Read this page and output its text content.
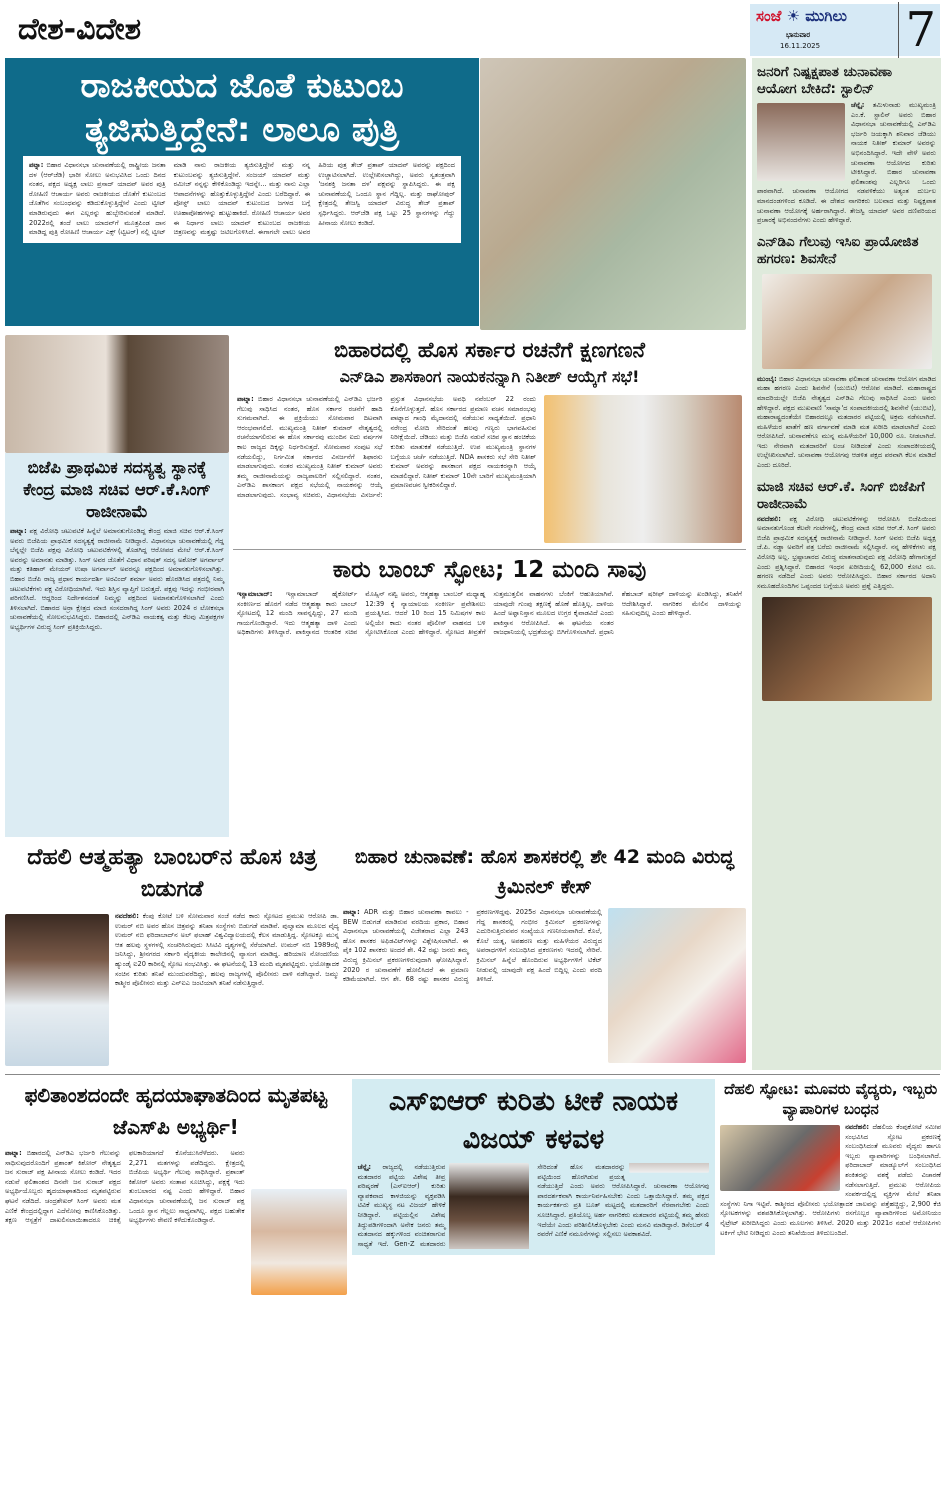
ದೇಶ-ವಿದೇಶ	ಸಂಜೆ ☀ ಮುಗಿಲು
ಭಾನುವಾರ
16.11.2025 7
ರಾಜಕೀಯದ ಜೊತೆ ಕುಟುಂಬ ತ್ಯಜಿಸುತ್ತಿದ್ದೇನೆ: ಲಾಲೂ ಪುತ್ರಿ
ಪಟ್ನಾ: ಬಿಹಾರ ವಿಧಾನಸಭಾ ಚುನಾವಣೆಯಲ್ಲಿ ರಾಷ್ಟ್ರೀಯ ಜನತಾ ದಳ (ಆರ್‌ಜೆಡಿ) ಭಾರೀ ಸೋಲು ಅನುಭವಿಸಿದ ಒಂದು ದಿನದ ನಂತರ, ಪಕ್ಷದ ಅಧ್ಯಕ್ಷ ಲಾಲು ಪ್ರಸಾದ್ ಯಾದವ್ ಅವರ ಪುತ್ರಿ ರೋಹಿಣಿ ಆಚಾರ್ಯ ಅವರು ರಾಜಕೀಯದ ಜೊತೆಗೆ ಕುಟುಂಬದ ಜೊತೆಗಿನ ಸಂಬಂಧವನ್ನು ಕಡಿದುಕೊಳ್ಳುತ್ತಿದ್ದೇನೆ ಎಂದು ಟ್ವೀಟ್ ಮಾಡಿರುವುದು ಈಗ ಎಲ್ಲರನ್ನು ಹುಬ್ಬೇರಿಸುವಂತೆ ಮಾಡಿದೆ. 2022ರಲ್ಲಿ ತಂದೆ ಲಾಲು ಯಾದವ್‌ಗೆ ಮೂತ್ರಪಿಂಡ ದಾನ ಮಾಡಿದ್ದ ಪುತ್ರಿ ರೋಹಿಣಿ ಆಚಾರ್ಯ ಎಕ್ಸ್ (ಟ್ವಿಟರ್) ನಲ್ಲಿ ಟ್ವೀಟ್ ಮಾಡಿ ನಾನು ರಾಜಕೀಯ ತ್ಯಜಿಸುತ್ತಿದ್ದೇನೆ ಮತ್ತು ನನ್ನ ಕುಟುಂಬವನ್ನು ತ್ಯಜಿಸುತ್ತಿದ್ದೇನೆ. ಸಂಜಯ್ ಯಾದವ್ ಮತ್ತು ರಮೀಜ್ ನನ್ನನ್ನು ಕೇಳಿಕೊಂಡಿದ್ದು ಇದನ್ನೇ... ಮತ್ತು ನಾನು ಎಲ್ಲಾ ಆಪಾದನೆಗಳನ್ನು ಹೊತ್ತುಕೊಳ್ಳುತ್ತಿದ್ದೇನೆ ಎಂದು ಬರೆದಿದ್ದಾರೆ. ಈ ಪೋಸ್ಟ್ ಲಾಲು ಯಾದವ್ ಕುಟುಂಬದ ಜಗಳದ ಬಗ್ಗೆ ಊಹಾಪೋಹಗಳನ್ನು ಹುಟ್ಟುಹಾಕಿದೆ. ರೋಹಿಣಿ ಆಚಾರ್ಯ ಅವರ ಈ ನಿರ್ಧಾರ ಲಾಲು ಯಾದವ್ ಕುಟುಂಬದ ರಾಜಕೀಯ ಚಿತ್ರಣವನ್ನು ಮತ್ತಷ್ಟು ಜಟಿಲಗೊಳಿಸಿದೆ. ಈಗಾಗಲೇ ಲಾಲು ಅವರ ಹಿರಿಯ ಪುತ್ರ ತೇಜ್ ಪ್ರತಾಪ್ ಯಾದವ್ ಅವರನ್ನು ಪಕ್ಷದಿಂದ ಉಚ್ಚಾಟಿಸಲಾಗಿದೆ. ಉಲ್ಲೇಖಿಸಲಾಗಿದ್ದು, ಅವರು ಸ್ವತಂತ್ರವಾಗಿ 'ಜನಶಕ್ತಿ ಜನತಾ ದಳ' ಪಕ್ಷವನ್ನು ಸ್ಥಾಪಿಸಿದ್ದರು. ಈ ಪಕ್ಷ ಚುನಾವಣೆಯಲ್ಲಿ ಒಂದೂ ಸ್ಥಾನ ಗೆದ್ದಿಲ್ಲ. ಮತ್ತು ರಾಘೋಪುರ್ ಕ್ಷೇತ್ರದಲ್ಲಿ ತೇಜಸ್ವಿ ಯಾದವ್ ವಿರುದ್ಧ ತೇಜ್ ಪ್ರತಾಪ್ ಸ್ಪರ್ಧಿಸಿದ್ದರು. ಆರ್‌ಜೆಡಿ ಪಕ್ಷ ಒಟ್ಟು 25 ಸ್ಥಾನಗಳನ್ನು ಗೆದ್ದು ಹೀನಾಯ ಸೋಲು ಕಂಡಿದೆ.
ಬಿಜೆಪಿ ಪ್ರಾಥಮಿಕ ಸದಸ್ಯತ್ವ ಸ್ಥಾನಕ್ಕೆ ಕೇಂದ್ರ ಮಾಜಿ ಸಚಿವ ಆರ್.ಕೆ.ಸಿಂಗ್ ರಾಜೀನಾಮೆ
ಪಾಟ್ನಾ: ಪಕ್ಷ ವಿರೋಧಿ ಚಟುವಟಿಕೆ ಹಿನ್ನೆಲೆ ಅಮಾನತುಗೊಂಡಿದ್ದ ಕೇಂದ್ರ ಮಾಜಿ ಸಚಿವ ಆರ್.ಕೆ.ಸಿಂಗ್ ಅವರು ಬಿಜೆಪಿಯ ಪ್ರಾಥಮಿಕ ಸದಸ್ಯತ್ವಕ್ಕೆ ರಾಜೀನಾಮೆ ನೀಡಿದ್ದಾರೆ. ವಿಧಾನಸಭಾ ಚುನಾವಣೆಯಲ್ಲಿ ಗೆದ್ದ ಬೆನ್ನಲ್ಲೇ ಬಿಜೆಪಿ ಪಕ್ಷವು ವಿರೋಧಿ ಚಟುವಟಿಕೆಗಳಲ್ಲಿ ತೊಡಗಿದ್ದ ಆರೋಪದ ಮೇಲೆ ಆರ್.ಕೆ.ಸಿಂಗ್ ಅವರನ್ನು ಅಮಾನತು ಮಾಡಿತ್ತು. ಸಿಂಗ್ ಅವರ ಜೊತೆಗೆ ವಿಧಾನ ಪರಿಷತ್ ಸದಸ್ಯ ಅಶೋಕ್ ಅಗರ್ವಾಲ್ ಮತ್ತು ಕತಿಹಾರ್ ಮೇಯರ್ ಉಷಾ ಅಗರ್ವಾಲ್ ಅವರನ್ನೂ ಪಕ್ಷದಿಂದ ಅಮಾನತುಗೊಳಿಸಲಾಗಿತ್ತು. ಬಿಹಾರ ಬಿಜೆಪಿ ರಾಜ್ಯ ಪ್ರಧಾನ ಕಾರ್ಯದರ್ಶಿ ಅರವಿಂದ್ ಶರ್ಮಾ ಅವರು ಹೊರಡಿಸಿದ ಪತ್ರದಲ್ಲಿ ನಿಮ್ಮ ಚಟುವಟಿಕೆಗಳು ಪಕ್ಷ ವಿರೋಧಿಯಾಗಿವೆ. ಇದು ಶಿಸ್ತಿನ ವ್ಯಾಪ್ತಿಗೆ ಬರುತ್ತದೆ. ಪಕ್ಷವು ಇದನ್ನು ಗಂಭೀರವಾಗಿ ಪರಿಗಣಿಸಿದೆ. ಆದ್ದರಿಂದ ನಿರ್ದೇಶನದಂತೆ ನಿಮ್ಮನ್ನು ಪಕ್ಷದಿಂದ ಅಮಾನತುಗೊಳಿಸಲಾಗಿದೆ ಎಂದು ತಿಳಿಸಲಾಗಿದೆ. ಬಿಹಾರದ ಅರ್ರಾ ಕ್ಷೇತ್ರದ ಮಾಜಿ ಸಂಸದರಾಗಿದ್ದ ಸಿಂಗ್ ಅವರು 2024 ರ ಲೋಕಸಭಾ ಚುನಾವಣೆಯಲ್ಲಿ ಸೋಲನುಭವಿಸಿದ್ದರು. ಬಿಹಾರದಲ್ಲಿ ಎನ್‌ಡಿಎ ನಾಯಕತ್ವ ಮತ್ತು ಕೆಲವು ಮಿತ್ರಪಕ್ಷಗಳ ಅಭ್ಯರ್ಥಿಗಳ ವಿರುದ್ಧ ಸಿಂಗ್ ಪ್ರತಿಕ್ರಿಯಿಸಿದ್ದರು.
ಬಿಹಾರದಲ್ಲಿ ಹೊಸ ಸರ್ಕಾರ ರಚನೆಗೆ ಕ್ಷಣಗಣನೆ
ಎನ್‌ಡಿಎ ಶಾಸಕಾಂಗ ನಾಯಕನನ್ನಾಗಿ ನಿತೀಶ್ ಆಯ್ಕೆಗೆ ಸಭೆ!
ಪಾಟ್ನಾ: ಬಿಹಾರ ವಿಧಾನಸಭಾ ಚುನಾವಣೆಯಲ್ಲಿ ಎನ್‌ಡಿಎ ಭರ್ಜರಿ ಗೆಲುವು ಸಾಧಿಸಿದ ನಂತರ, ಹೊಸ ಸರ್ಕಾರ ರಚನೆಗೆ ಹಾದಿ ಸುಗಮವಾಗಿದೆ. ಈ ಪ್ರಕ್ರಿಯೆಯು ಸೋಮವಾರ ದಿಟವಾಗಿ ಆರಂಭವಾಗಲಿದೆ. ಮುಖ್ಯಮಂತ್ರಿ ನಿತೀಶ್ ಕುಮಾರ್ ನೇತೃತ್ವದಲ್ಲಿ ರಚನೆಯಾಗಲಿರುವ ಈ ಹೊಸ ಸರ್ಕಾರವು ಮುಂದಿನ ಐದು ವರ್ಷಗಳ ಕಾಲ ರಾಜ್ಯದ ದಿಕ್ಕನ್ನು ನಿರ್ಧರಿಸುತ್ತದೆ. ಸೋಮವಾರ ಸಂಪುಟ ಸಭೆ ನಡೆಯಲಿದ್ದು, ನಿರ್ಗಮಿತ ಸರ್ಕಾರದ ವಿಸರ್ಜನೆಗೆ ಶಿಫಾರಸು ಮಾಡಲಾಗುವುದು. ನಂತರ ಮುಖ್ಯಮಂತ್ರಿ ನಿತೀಶ್ ಕುಮಾರ್ ಅವರು ತಮ್ಮ ರಾಜೀನಾಮೆಯನ್ನು ರಾಜ್ಯಪಾಲರಿಗೆ ಸಲ್ಲಿಸಲಿದ್ದಾರೆ. ನಂತರ, ಎನ್‌ಡಿಎ ಶಾಸಕಾಂಗ ಪಕ್ಷದ ಸಭೆಯಲ್ಲಿ ನಾಯಕನನ್ನು ಆಯ್ಕೆ ಮಾಡಲಾಗುವುದು. ಸಂಭಾವ್ಯ ಸಚಿವರು, ವಿಧಾನಸಭೆಯ ವಿಸರ್ಜನೆ: ಪ್ರಸ್ತುತ ವಿಧಾನಸಭೆಯ ಅವಧಿ ನವೆಂಬರ್ 22 ರಂದು ಕೊನೆಗೊಳ್ಳುತ್ತದೆ. ಹೊಸ ಸರ್ಕಾರದ ಪ್ರಮಾಣ ವಚನ ಸಮಾರಂಭವು ಪಾಟ್ನಾದ ಗಾಂಧಿ ಮೈದಾನದಲ್ಲಿ ನಡೆಯುವ ಸಾಧ್ಯತೆಯಿದೆ. ಪ್ರಧಾನಿ ನರೇಂದ್ರ ಮೋದಿ ಸೇರಿದಂತೆ ಹಲವು ಗಣ್ಯರು ಭಾಗವಹಿಸುವ ನಿರೀಕ್ಷೆಯಿದೆ. ಜೆಡಿಯು ಮತ್ತು ಬಿಜೆಪಿ ನಡುವೆ ಸಚಿವ ಸ್ಥಾನ ಹಂಚಿಕೆಯ ಕುರಿತು ಮಾತುಕತೆ ನಡೆಯುತ್ತಿದೆ. ಉಪ ಮುಖ್ಯಮಂತ್ರಿ ಸ್ಥಾನಗಳ ಬಗ್ಗೆಯೂ ಚರ್ಚೆ ನಡೆಯುತ್ತಿದೆ. NDA ಶಾಸಕರು ಸಭೆ ಸೇರಿ ನಿತೀಶ್ ಕುಮಾರ್ ಅವರನ್ನು ಶಾಸಕಾಂಗ ಪಕ್ಷದ ನಾಯಕರನ್ನಾಗಿ ಆಯ್ಕೆ ಮಾಡಲಿದ್ದಾರೆ. ನಿತೀಶ್ ಕುಮಾರ್ 10ನೇ ಬಾರಿಗೆ ಮುಖ್ಯಮಂತ್ರಿಯಾಗಿ ಪ್ರಮಾಣವಚನ ಸ್ವೀಕರಿಸಲಿದ್ದಾರೆ.
ಕಾರು ಬಾಂಬ್ ಸ್ಫೋಟ; 12 ಮಂದಿ ಸಾವು
ಇಸ್ಲಾಮಾಬಾದ್: ಇಸ್ಲಾಮಾಬಾದ್ ಹೈಕೋರ್ಟ್ ಸಂಕೀರ್ಣದ ಹೊರಗೆ ನಡೆದ ಆತ್ಮಹತ್ಯಾ ಕಾರು ಬಾಂಬ್ ಸ್ಫೋಟದಲ್ಲಿ 12 ಮಂದಿ ಸಾವನ್ನಪ್ಪಿದ್ದು, 27 ಮಂದಿ ಗಾಯಗೊಂಡಿದ್ದಾರೆ. ಇದು ಆತ್ಮಹತ್ಯಾ ದಾಳಿ ಎಂದು ಅಧಿಕಾರಿಗಳು ತಿಳಿಸಿದ್ದಾರೆ. ಪಾಕಿಸ್ತಾನದ ಆಂತರಿಕ ಸಚಿವ ಮೊಹ್ಸಿನ್ ನಖ್ವಿ ಅವರು, ಆತ್ಮಹತ್ಯಾ ಬಾಂಬರ್ ಮಧ್ಯಾಹ್ನ 12:39 ಕ್ಕೆ ನ್ಯಾಯಾಲಯ ಸಂಕೀರ್ಣ ಪ್ರವೇಶಿಸಲು ಪ್ರಯತ್ನಿಸಿದ. ಆದರೆ 10 ರಿಂದ 15 ನಿಮಿಷಗಳ ಕಾಲ ಅಲ್ಲಿಯೇ ಕಾದು ನಂತರ ಪೊಲೀಸ್ ವಾಹನದ ಬಳಿ ಸ್ಫೋಟಿಸಿಕೊಂಡ ಎಂದು ಹೇಳಿದ್ದಾರೆ. ಸ್ಫೋಟದ ತೀವ್ರತೆಗೆ ಸುತ್ತಮುತ್ತಲಿನ ವಾಹನಗಳು ಬೆಂಕಿಗೆ ಆಹುತಿಯಾಗಿವೆ. ಯಾವುದೇ ಗುಂಪು ತಕ್ಷಣಕ್ಕೆ ಹೊಣೆ ಹೊತ್ತಿಲ್ಲ. ದಾಳಿಯ ಹಿಂದೆ ಅಫ್ಘಾನಿಸ್ತಾನ ಮೂಲದ ಉಗ್ರರ ಕೈವಾಡವಿದೆ ಎಂದು ಪಾಕಿಸ್ತಾನ ಆರೋಪಿಸಿದೆ. ಈ ಘಟನೆಯ ನಂತರ ರಾಜಧಾನಿಯಲ್ಲಿ ಭದ್ರತೆಯನ್ನು ಬಿಗಿಗೊಳಿಸಲಾಗಿದೆ. ಪ್ರಧಾನಿ ಶೆಹಬಾಜ್ ಷರೀಫ್ ದಾಳಿಯನ್ನು ಖಂಡಿಸಿದ್ದು, ತನಿಖೆಗೆ ಆದೇಶಿಸಿದ್ದಾರೆ. ನಾಗರಿಕರ ಮೇಲಿನ ದಾಳಿಯನ್ನು ಸಹಿಸುವುದಿಲ್ಲ ಎಂದು ಹೇಳಿದ್ದಾರೆ.
ದೆಹಲಿ ಆತ್ಮಹತ್ಯಾ ಬಾಂಬರ್‌ನ ಹೊಸ ಚಿತ್ರ ಬಿಡುಗಡೆ
ನವದೆಹಲಿ: ಕೆಂಪು ಕೋಟೆ ಬಳಿ ಸೋಮವಾರ ಸಂಜೆ ನಡೆದ ಕಾರು ಸ್ಫೋಟದ ಪ್ರಮುಖ ಆರೋಪಿ ಡಾ. ಉಮರ್ ನಬಿ ಅವರ ಹೊಸ ಚಿತ್ರವನ್ನು ತನಿಖಾ ಸಂಸ್ಥೆಗಳು ಬಿಡುಗಡೆ ಮಾಡಿವೆ. ಪುಲ್ವಾಮಾ ಮೂಲದ ವೈದ್ಯ ಉಮರ್ ನಬಿ ಫರಿದಾಬಾದ್‌ನ ಅಲ್ ಫಲಾಹ್ ವಿಶ್ವವಿದ್ಯಾಲಯದಲ್ಲಿ ಕೆಲಸ ಮಾಡುತ್ತಿದ್ದ. ಸ್ಫೋಟಕ್ಕೂ ಮುನ್ನ ಆತ ಹಲವು ಸ್ಥಳಗಳಲ್ಲಿ ಸಂಚರಿಸಿರುವುದು ಸಿಸಿಟಿವಿ ದೃಶ್ಯಗಳಲ್ಲಿ ಸೆರೆಯಾಗಿದೆ. ಉಮರ್ ನಬಿ 1989ರಲ್ಲಿ ಜನಿಸಿದ್ದು, ಶ್ರೀನಗರದ ಸರ್ಕಾರಿ ವೈದ್ಯಕೀಯ ಕಾಲೇಜಿನಲ್ಲಿ ವ್ಯಾಸಂಗ ಮಾಡಿದ್ದ. ಹರಿಯಾಣ ನೋಂದಣಿಯ ಹ್ಯುಂಡೈ ಐ20 ಕಾರಿನಲ್ಲಿ ಸ್ಫೋಟ ಸಂಭವಿಸಿತ್ತು. ಈ ಘಟನೆಯಲ್ಲಿ 13 ಮಂದಿ ಮೃತಪಟ್ಟಿದ್ದರು. ಭಯೋತ್ಪಾದಕ ಸಂಚಿನ ಕುರಿತು ತನಿಖೆ ಮುಂದುವರೆದಿದ್ದು, ಹಲವು ರಾಜ್ಯಗಳಲ್ಲಿ ಪೊಲೀಸರು ದಾಳಿ ನಡೆಸಿದ್ದಾರೆ. ಜಮ್ಮು ಕಾಶ್ಮೀರ ಪೊಲೀಸರು ಮತ್ತು ಎನ್‌ಐಎ ಜಂಟಿಯಾಗಿ ತನಿಖೆ ನಡೆಸುತ್ತಿದ್ದಾರೆ.
ಬಿಹಾರ ಚುನಾವಣೆ: ಹೊಸ ಶಾಸಕರಲ್ಲಿ ಶೇ 42 ಮಂದಿ ವಿರುದ್ಧ ಕ್ರಿಮಿನಲ್ ಕೇಸ್
ಪಾಟ್ನಾ: ADR ಮತ್ತು ಬಿಹಾರ ಚುನಾವಣಾ ಕಾವಲು - BEW ಬಿಡುಗಡೆ ಮಾಡಿರುವ ವರದಿಯ ಪ್ರಕಾರ, ಬಿಹಾರ ವಿಧಾನಸಭಾ ಚುನಾವಣೆಯಲ್ಲಿ ವಿಜೇತರಾದ ಎಲ್ಲಾ 243 ಹೊಸ ಶಾಸಕರ ಅಫಿಡವಿಟ್‌ಗಳನ್ನು ವಿಶ್ಲೇಷಿಸಲಾಗಿದೆ. ಈ ಪೈಕಿ 102 ಶಾಸಕರು ಅಂದರೆ ಶೇ. 42 ರಷ್ಟು ಜನರು ತಮ್ಮ ವಿರುದ್ಧ ಕ್ರಿಮಿನಲ್ ಪ್ರಕರಣಗಳಿರುವುದಾಗಿ ಘೋಷಿಸಿದ್ದಾರೆ. 2020 ರ ಚುನಾವಣೆಗೆ ಹೋಲಿಸಿದರೆ ಈ ಪ್ರಮಾಣ ಕಡಿಮೆಯಾಗಿದೆ. ಆಗ ಶೇ. 68 ರಷ್ಟು ಶಾಸಕರ ವಿರುದ್ಧ ಪ್ರಕರಣಗಳಿದ್ದವು. 2025ರ ವಿಧಾನಸಭಾ ಚುನಾವಣೆಯಲ್ಲಿ ಗೆದ್ದ ಶಾಸಕರಲ್ಲಿ ಗಂಭೀರ ಕ್ರಿಮಿನಲ್ ಪ್ರಕರಣಗಳನ್ನು ಎದುರಿಸುತ್ತಿರುವವರ ಸಂಖ್ಯೆಯೂ ಗಣನೀಯವಾಗಿದೆ. ಕೊಲೆ, ಕೊಲೆ ಯತ್ನ, ಅಪಹರಣ ಮತ್ತು ಮಹಿಳೆಯರ ವಿರುದ್ಧದ ಅಪರಾಧಗಳಿಗೆ ಸಂಬಂಧಿಸಿದ ಪ್ರಕರಣಗಳು ಇದರಲ್ಲಿ ಸೇರಿವೆ. ಕ್ರಿಮಿನಲ್ ಹಿನ್ನೆಲೆ ಹೊಂದಿರುವ ಅಭ್ಯರ್ಥಿಗಳಿಗೆ ಟಿಕೆಟ್ ನೀಡುವಲ್ಲಿ ಯಾವುದೇ ಪಕ್ಷ ಹಿಂದೆ ಬಿದ್ದಿಲ್ಲ ಎಂದು ವರದಿ ತಿಳಿಸಿದೆ.
ಜನರಿಗೆ ನಿಷ್ಪಕ್ಷಪಾತ ಚುನಾವಣಾ ಆಯೋಗ ಬೇಕಿದೆ: ಸ್ಟಾಲಿನ್
ಚೆನ್ನೈ: ತಮಿಳುನಾಡು ಮುಖ್ಯಮಂತ್ರಿ ಎಂ.ಕೆ. ಸ್ಟಾಲಿನ್ ಅವರು ಬಿಹಾರ ವಿಧಾನಸಭಾ ಚುನಾವಣೆಯಲ್ಲಿ ಎನ್‌ಡಿಎ ಭರ್ಜರಿ ಜಯಕ್ಕಾಗಿ ಶನಿವಾರ ಜೆಡಿಯು ನಾಯಕ ನಿತೀಶ್ ಕುಮಾರ್ ಅವರನ್ನು ಅಭಿನಂದಿಸಿದ್ದಾರೆ. ಇದೇ ವೇಳೆ ಅವರು ಚುನಾವಣಾ ಆಯೋಗದ ಕುರಿತು ಟೀಕಿಸಿದ್ದಾರೆ. ಬಿಹಾರ ಚುನಾವಣಾ ಫಲಿತಾಂಶವು ಎಲ್ಲರಿಗೂ ಒಂದು ಪಾಠವಾಗಿದೆ. ಚುನಾವಣಾ ಆಯೋಗದ ನಡವಳಿಕೆಯು ಅತ್ಯಂತ ದುರ್ಬಲ ಮಾನದಂಡಗಳಿಂದ ಕೂಡಿದೆ. ಈ ದೇಶದ ನಾಗರಿಕರು ಬಲವಾದ ಮತ್ತು ನಿಷ್ಪಕ್ಷಪಾತ ಚುನಾವಣಾ ಆಯೋಗಕ್ಕೆ ಅರ್ಹರಾಗಿದ್ದಾರೆ. ತೇಜಸ್ವಿ ಯಾದವ್ ಅವರ ದಣಿವರಿಯದ ಪ್ರಚಾರಕ್ಕೆ ಅಭಿನಂದನೆಗಳು ಎಂದು ಹೇಳಿದ್ದಾರೆ.
ಎನ್‌ಡಿಎ ಗೆಲುವು ಇಸಿಐ ಪ್ರಾಯೋಜಿತ ಹಗರಣ: ಶಿವಸೇನೆ
ಮುಂಬೈ: ಬಿಹಾರ ವಿಧಾನಸಭಾ ಚುನಾವಣಾ ಫಲಿತಾಂಶ ಚುನಾವಣಾ ಆಯೋಗ ಮಾಡಿದ ಮಹಾ ಹಗರಣ ಎಂದು ಶಿವಸೇನೆ (ಯುಬಿಟಿ) ಆರೋಪ ಮಾಡಿದೆ. ಮಹಾರಾಷ್ಟ್ರದ ಮಾದರಿಯಲ್ಲೇ ಬಿಜೆಪಿ ನೇತೃತ್ವದ ಎನ್‌ಡಿಎ ಗೆಲುವು ಸಾಧಿಸಿದೆ ಎಂದು ಅವರು ಹೇಳಿದ್ದಾರೆ. ಪಕ್ಷದ ಮುಖವಾಣಿ 'ಸಾಮ್ನಾ'ದ ಸಂಪಾದಕೀಯದಲ್ಲಿ ಶಿವಸೇನೆ (ಯುಬಿಟಿ), ಮಹಾರಾಷ್ಟ್ರದಂತೆಯೇ ಬಿಹಾರದಲ್ಲೂ ಮತದಾರರ ಪಟ್ಟಿಯಲ್ಲಿ ಅಕ್ರಮ ನಡೆಸಲಾಗಿದೆ. ಮಹಿಳೆಯರ ಖಾತೆಗೆ ಹಣ ವರ್ಗಾವಣೆ ಮಾಡಿ ಮತ ಖರೀದಿ ಮಾಡಲಾಗಿದೆ ಎಂದು ಆರೋಪಿಸಿದೆ. ಚುನಾವಣೆಗೂ ಮುನ್ನ ಮಹಿಳೆಯರಿಗೆ 10,000 ರೂ. ನೀಡಲಾಗಿದೆ. ಇದು ನೇರವಾಗಿ ಮತದಾರರಿಗೆ ಲಂಚ ನೀಡಿದಂತೆ ಎಂದು ಸಂಪಾದಕೀಯದಲ್ಲಿ ಉಲ್ಲೇಖಿಸಲಾಗಿದೆ. ಚುನಾವಣಾ ಆಯೋಗವು ಆಡಳಿತ ಪಕ್ಷದ ಪರವಾಗಿ ಕೆಲಸ ಮಾಡಿದೆ ಎಂದು ದೂರಿದೆ.
ಮಾಜಿ ಸಚಿವ ಆರ್.ಕೆ. ಸಿಂಗ್ ಬಿಜೆಪಿಗೆ ರಾಜೀನಾಮೆ
ನವದೆಹಲಿ: ಪಕ್ಷ ವಿರೋಧಿ ಚಟುವಟಿಕೆಗಳನ್ನು ಆರೋಪಿಸಿ ಬಿಜೆಪಿಯಿಂದ ಅಮಾನತುಗೊಂಡ ಕೆಲವೇ ಗಂಟೆಗಳಲ್ಲಿ, ಕೇಂದ್ರ ಮಾಜಿ ಸಚಿವ ಆರ್.ಕೆ. ಸಿಂಗ್ ಅವರು ಬಿಜೆಪಿ ಪ್ರಾಥಮಿಕ ಸದಸ್ಯತ್ವಕ್ಕೆ ರಾಜೀನಾಮೆ ನೀಡಿದ್ದಾರೆ. ಸಿಂಗ್ ಅವರು ಬಿಜೆಪಿ ಅಧ್ಯಕ್ಷ ಜೆ.ಪಿ. ನಡ್ಡಾ ಅವರಿಗೆ ಪತ್ರ ಬರೆದು ರಾಜೀನಾಮೆ ಸಲ್ಲಿಸಿದ್ದಾರೆ. ನನ್ನ ಹೇಳಿಕೆಗಳು ಪಕ್ಷ ವಿರೋಧಿ ಅಲ್ಲ. ಭ್ರಷ್ಟಾಚಾರದ ವಿರುದ್ಧ ಮಾತನಾಡುವುದು ಪಕ್ಷ ವಿರೋಧಿ ಹೇಗಾಗುತ್ತದೆ ಎಂದು ಪ್ರಶ್ನಿಸಿದ್ದಾರೆ. ಬಿಹಾರದ ಇಂಧನ ಖರೀದಿಯಲ್ಲಿ 62,000 ಕೋಟಿ ರೂ. ಹಗರಣ ನಡೆದಿದೆ ಎಂದು ಅವರು ಆರೋಪಿಸಿದ್ದರು. ಬಿಹಾರ ಸರ್ಕಾರದ ಅದಾನಿ ಸಮೂಹದೊಂದಿಗಿನ ಒಪ್ಪಂದದ ಬಗ್ಗೆಯೂ ಅವರು ಪ್ರಶ್ನೆ ಎತ್ತಿದ್ದರು.
ಫಲಿತಾಂಶದಂದೇ ಹೃದಯಾಘಾತದಿಂದ ಮೃತಪಟ್ಟ ಜೆಎಸ್‌ಪಿ ಅಭ್ಯರ್ಥಿ!
ಪಾಟ್ನಾ: ಬಿಹಾರದಲ್ಲಿ ಎನ್‌ಡಿಎ ಭರ್ಜರಿ ಗೆಲುವನ್ನು ಸಾಧಿಸುವುದರೊಂದಿಗೆ ಪ್ರಶಾಂತ್ ಕಿಶೋರ್ ನೇತೃತ್ವದ ಜನ ಸುರಾಜ್ ಪಕ್ಷ ಹೀನಾಯ ಸೋಲು ಕಂಡಿದೆ. ಇದರ ನಡುವೆ ಫಲಿತಾಂಶದ ದಿನವೇ ಜನ ಸುರಾಜ್ ಪಕ್ಷದ ಅಭ್ಯರ್ಥಿಯೊಬ್ಬರು ಹೃದಯಾಘಾತದಿಂದ ಮೃತಪಟ್ಟಿರುವ ಘಟನೆ ನಡೆದಿದೆ. ಚಂದ್ರಶೇಖರ್ ಸಿಂಗ್ ಅವರು ಮತ ಎಣಿಕೆ ಕೇಂದ್ರದಲ್ಲಿದ್ದಾಗ ಎದೆನೋವು ಕಾಣಿಸಿಕೊಂಡಿತ್ತು. ತಕ್ಷಣ ಆಸ್ಪತ್ರೆಗೆ ದಾಖಲಿಸಲಾಯಿತಾದರೂ ಚಿಕಿತ್ಸೆ ಫಲಕಾರಿಯಾಗದೆ ಕೊನೆಯುಸಿರೆಳೆದರು. ಅವರು 2,271 ಮತಗಳನ್ನು ಪಡೆದಿದ್ದರು. ಕ್ಷೇತ್ರದಲ್ಲಿ ಬಿಜೆಪಿಯ ಅಭ್ಯರ್ಥಿ ಗೆಲುವು ಸಾಧಿಸಿದ್ದಾರೆ. ಪ್ರಶಾಂತ್ ಕಿಶೋರ್ ಅವರು ಸಂತಾಪ ಸೂಚಿಸಿದ್ದು, ಪಕ್ಷಕ್ಕೆ ಇದು ತುಂಬಲಾರದ ನಷ್ಟ ಎಂದು ಹೇಳಿದ್ದಾರೆ. ಬಿಹಾರ ವಿಧಾನಸಭಾ ಚುನಾವಣೆಯಲ್ಲಿ ಜನ ಸುರಾಜ್ ಪಕ್ಷ ಒಂದೂ ಸ್ಥಾನ ಗೆಲ್ಲಲು ಸಾಧ್ಯವಾಗಿಲ್ಲ. ಪಕ್ಷದ ಬಹುತೇಕ ಅಭ್ಯರ್ಥಿಗಳು ಠೇವಣಿ ಕಳೆದುಕೊಂಡಿದ್ದಾರೆ.
ಎಸ್‌ಐಆರ್ ಕುರಿತು ಟೀಕೆ ನಾಯಕ ವಿಜಯ್ ಕಳವಳ
ಚೆನ್ನೈ: ರಾಜ್ಯದಲ್ಲಿ ನಡೆಯುತ್ತಿರುವ ಮತದಾರರ ಪಟ್ಟಿಯ ವಿಶೇಷ ತೀವ್ರ ಪರಿಷ್ಕರಣೆ (ಎಸ್‌ಐಆರ್) ಕುರಿತು ವ್ಯಾಪಕವಾದ ಕಾಳಜಿಯನ್ನು ವ್ಯಕ್ತಪಡಿಸಿ ಟಿವಿಕೆ ಮುಖ್ಯಸ್ಥ ನಟ ವಿಜಯ್ ಹೇಳಿಕೆ ನೀಡಿದ್ದಾರೆ. ಪಟ್ಟಿಯಲ್ಲಿನ ವಿಶೇಷ ತಿದ್ದುಪಡಿಗಳಿಂದಾಗಿ ಅನೇಕ ಜನರು ತಮ್ಮ ಮತದಾನದ ಹಕ್ಕುಗಳಿಂದ ವಂಚಿತರಾಗುವ ಸಾಧ್ಯತೆ ಇದೆ. Gen-Z ಮತದಾರರು ಸೇರಿದಂತೆ ಹೊಸ ಮತದಾರರನ್ನು ಪಟ್ಟಿಯಿಂದ ಹೊರಗಿಡುವ ಪ್ರಯತ್ನ ನಡೆಯುತ್ತಿದೆ ಎಂದು ಅವರು ಆರೋಪಿಸಿದ್ದಾರೆ. ಚುನಾವಣಾ ಆಯೋಗವು ಪಾರದರ್ಶಕವಾಗಿ ಕಾರ್ಯನಿರ್ವಹಿಸಬೇಕು ಎಂದು ಒತ್ತಾಯಿಸಿದ್ದಾರೆ. ತಮ್ಮ ಪಕ್ಷದ ಕಾರ್ಯಕರ್ತರು ಪ್ರತಿ ಬೂತ್ ಮಟ್ಟದಲ್ಲಿ ಮತದಾರರಿಗೆ ನೆರವಾಗಬೇಕು ಎಂದು ಸೂಚಿಸಿದ್ದಾರೆ. ಪ್ರತಿಯೊಬ್ಬ ಅರ್ಹ ನಾಗರಿಕರು ಮತದಾರರ ಪಟ್ಟಿಯಲ್ಲಿ ತಮ್ಮ ಹೆಸರು ಇದೆಯೇ ಎಂದು ಪರಿಶೀಲಿಸಿಕೊಳ್ಳಬೇಕು ಎಂದು ಮನವಿ ಮಾಡಿದ್ದಾರೆ. ಡಿಸೆಂಬರ್ 4 ರವರೆಗೆ ಎಣಿಕೆ ನಮೂನೆಗಳನ್ನು ಸಲ್ಲಿಸಲು ಅವಕಾಶವಿದೆ.
ದೆಹಲಿ ಸ್ಫೋಟ: ಮೂವರು ವೈದ್ಯರು, ಇಬ್ಬರು ವ್ಯಾಪಾರಿಗಳ ಬಂಧನ
ನವದೆಹಲಿ: ದೆಹಲಿಯ ಕೆಂಪುಕೋಟೆ ಸಮೀಪ ಸಂಭವಿಸಿದ ಸ್ಫೋಟ ಪ್ರಕರಣಕ್ಕೆ ಸಂಬಂಧಿಸಿದಂತೆ ಮೂವರು ವೈದ್ಯರು ಹಾಗೂ ಇಬ್ಬರು ವ್ಯಾಪಾರಿಗಳನ್ನು ಬಂಧಿಸಲಾಗಿದೆ. ಫರಿದಾಬಾದ್ ಮಾಡ್ಯೂಲ್‌ಗೆ ಸಂಬಂಧಿಸಿದ ಶಂಕಿತರನ್ನು ವಶಕ್ಕೆ ಪಡೆದು ವಿಚಾರಣೆ ನಡೆಸಲಾಗುತ್ತಿದೆ. ಪ್ರಮುಖ ಆರೋಪಿಯ ಸಂಪರ್ಕದಲ್ಲಿದ್ದ ವ್ಯಕ್ತಿಗಳ ಮೇಲೆ ತನಿಖಾ ಸಂಸ್ಥೆಗಳು ನಿಗಾ ಇಟ್ಟಿವೆ. ಕಾಶ್ಮೀರದ ಪೊಲೀಸರು ಭಯೋತ್ಪಾದಕ ಜಾಲವನ್ನು ಪತ್ತೆಹಚ್ಚಿದ್ದು, 2,900 ಕೆಜಿ ಸ್ಫೋಟಕಗಳನ್ನು ವಶಪಡಿಸಿಕೊಳ್ಳಲಾಗಿತ್ತು. ಆರೋಪಿಗಳು ರಸಗೊಬ್ಬರ ವ್ಯಾಪಾರಿಗಳಿಂದ ಅಮೋನಿಯಂ ನೈಟ್ರೇಟ್ ಖರೀದಿಸಿದ್ದರು ಎಂದು ಮೂಲಗಳು ತಿಳಿಸಿವೆ. 2020 ಮತ್ತು 2021ರ ನಡುವೆ ಆರೋಪಿಗಳು ಟರ್ಕಿಗೆ ಭೇಟಿ ನೀಡಿದ್ದರು ಎಂದು ತನಿಖೆಯಿಂದ ತಿಳಿದುಬಂದಿದೆ.
